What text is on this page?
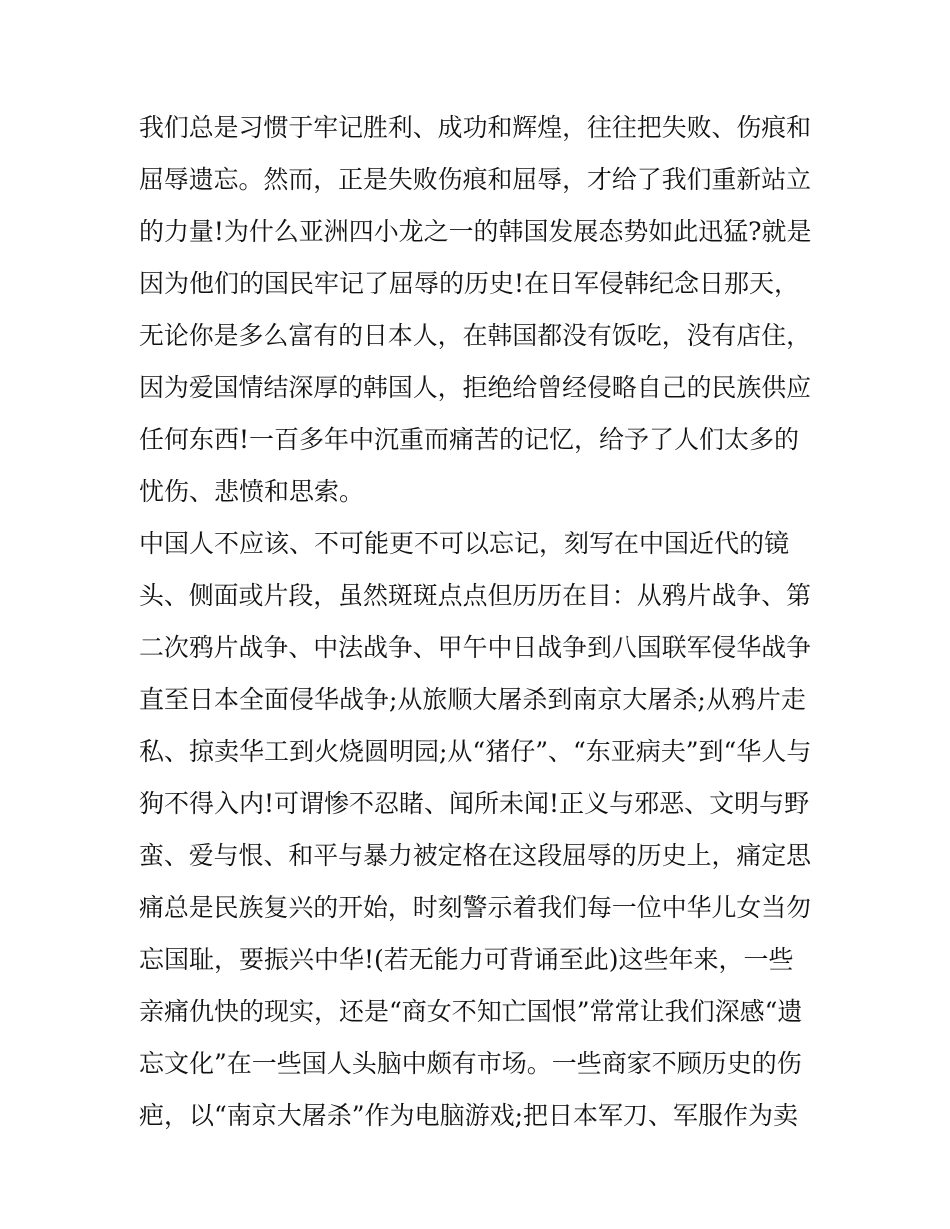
我们总是习惯于牢记胜利、成功和辉煌，往往把失败、伤痕和
屈辱遗忘。然而，正是失败伤痕和屈辱，才给了我们重新站立
的力量!为什么亚洲四小龙之一的韩国发展态势如此迅猛?就是
因为他们的国民牢记了屈辱的历史!在日军侵韩纪念日那天，
无论你是多么富有的日本人，在韩国都没有饭吃，没有店住，
因为爱国情结深厚的韩国人，拒绝给曾经侵略自己的民族供应
任何东西!一百多年中沉重而痛苦的记忆，给予了人们太多的
忧伤、悲愤和思索。
中国人不应该、不可能更不可以忘记，刻写在中国近代的镜
头、侧面或片段，虽然斑斑点点但历历在目：从鸦片战争、第
二次鸦片战争、中法战争、甲午中日战争到八国联军侵华战争
直至日本全面侵华战争;从旅顺大屠杀到南京大屠杀;从鸦片走
私、掠卖华工到火烧圆明园;从“猪仔”、“东亚病夫”到“华人与
狗不得入内!可谓惨不忍睹、闻所未闻!正义与邪恶、文明与野
蛮、爱与恨、和平与暴力被定格在这段屈辱的历史上，痛定思
痛总是民族复兴的开始，时刻警示着我们每一位中华儿女当勿
忘国耻，要振兴中华!(若无能力可背诵至此)这些年来，一些
亲痛仇快的现实，还是“商女不知亡国恨”常常让我们深感“遗
忘文化”在一些国人头脑中颇有市场。一些商家不顾历史的伤
疤，以“南京大屠杀”作为电脑游戏;把日本军刀、军服作为卖
